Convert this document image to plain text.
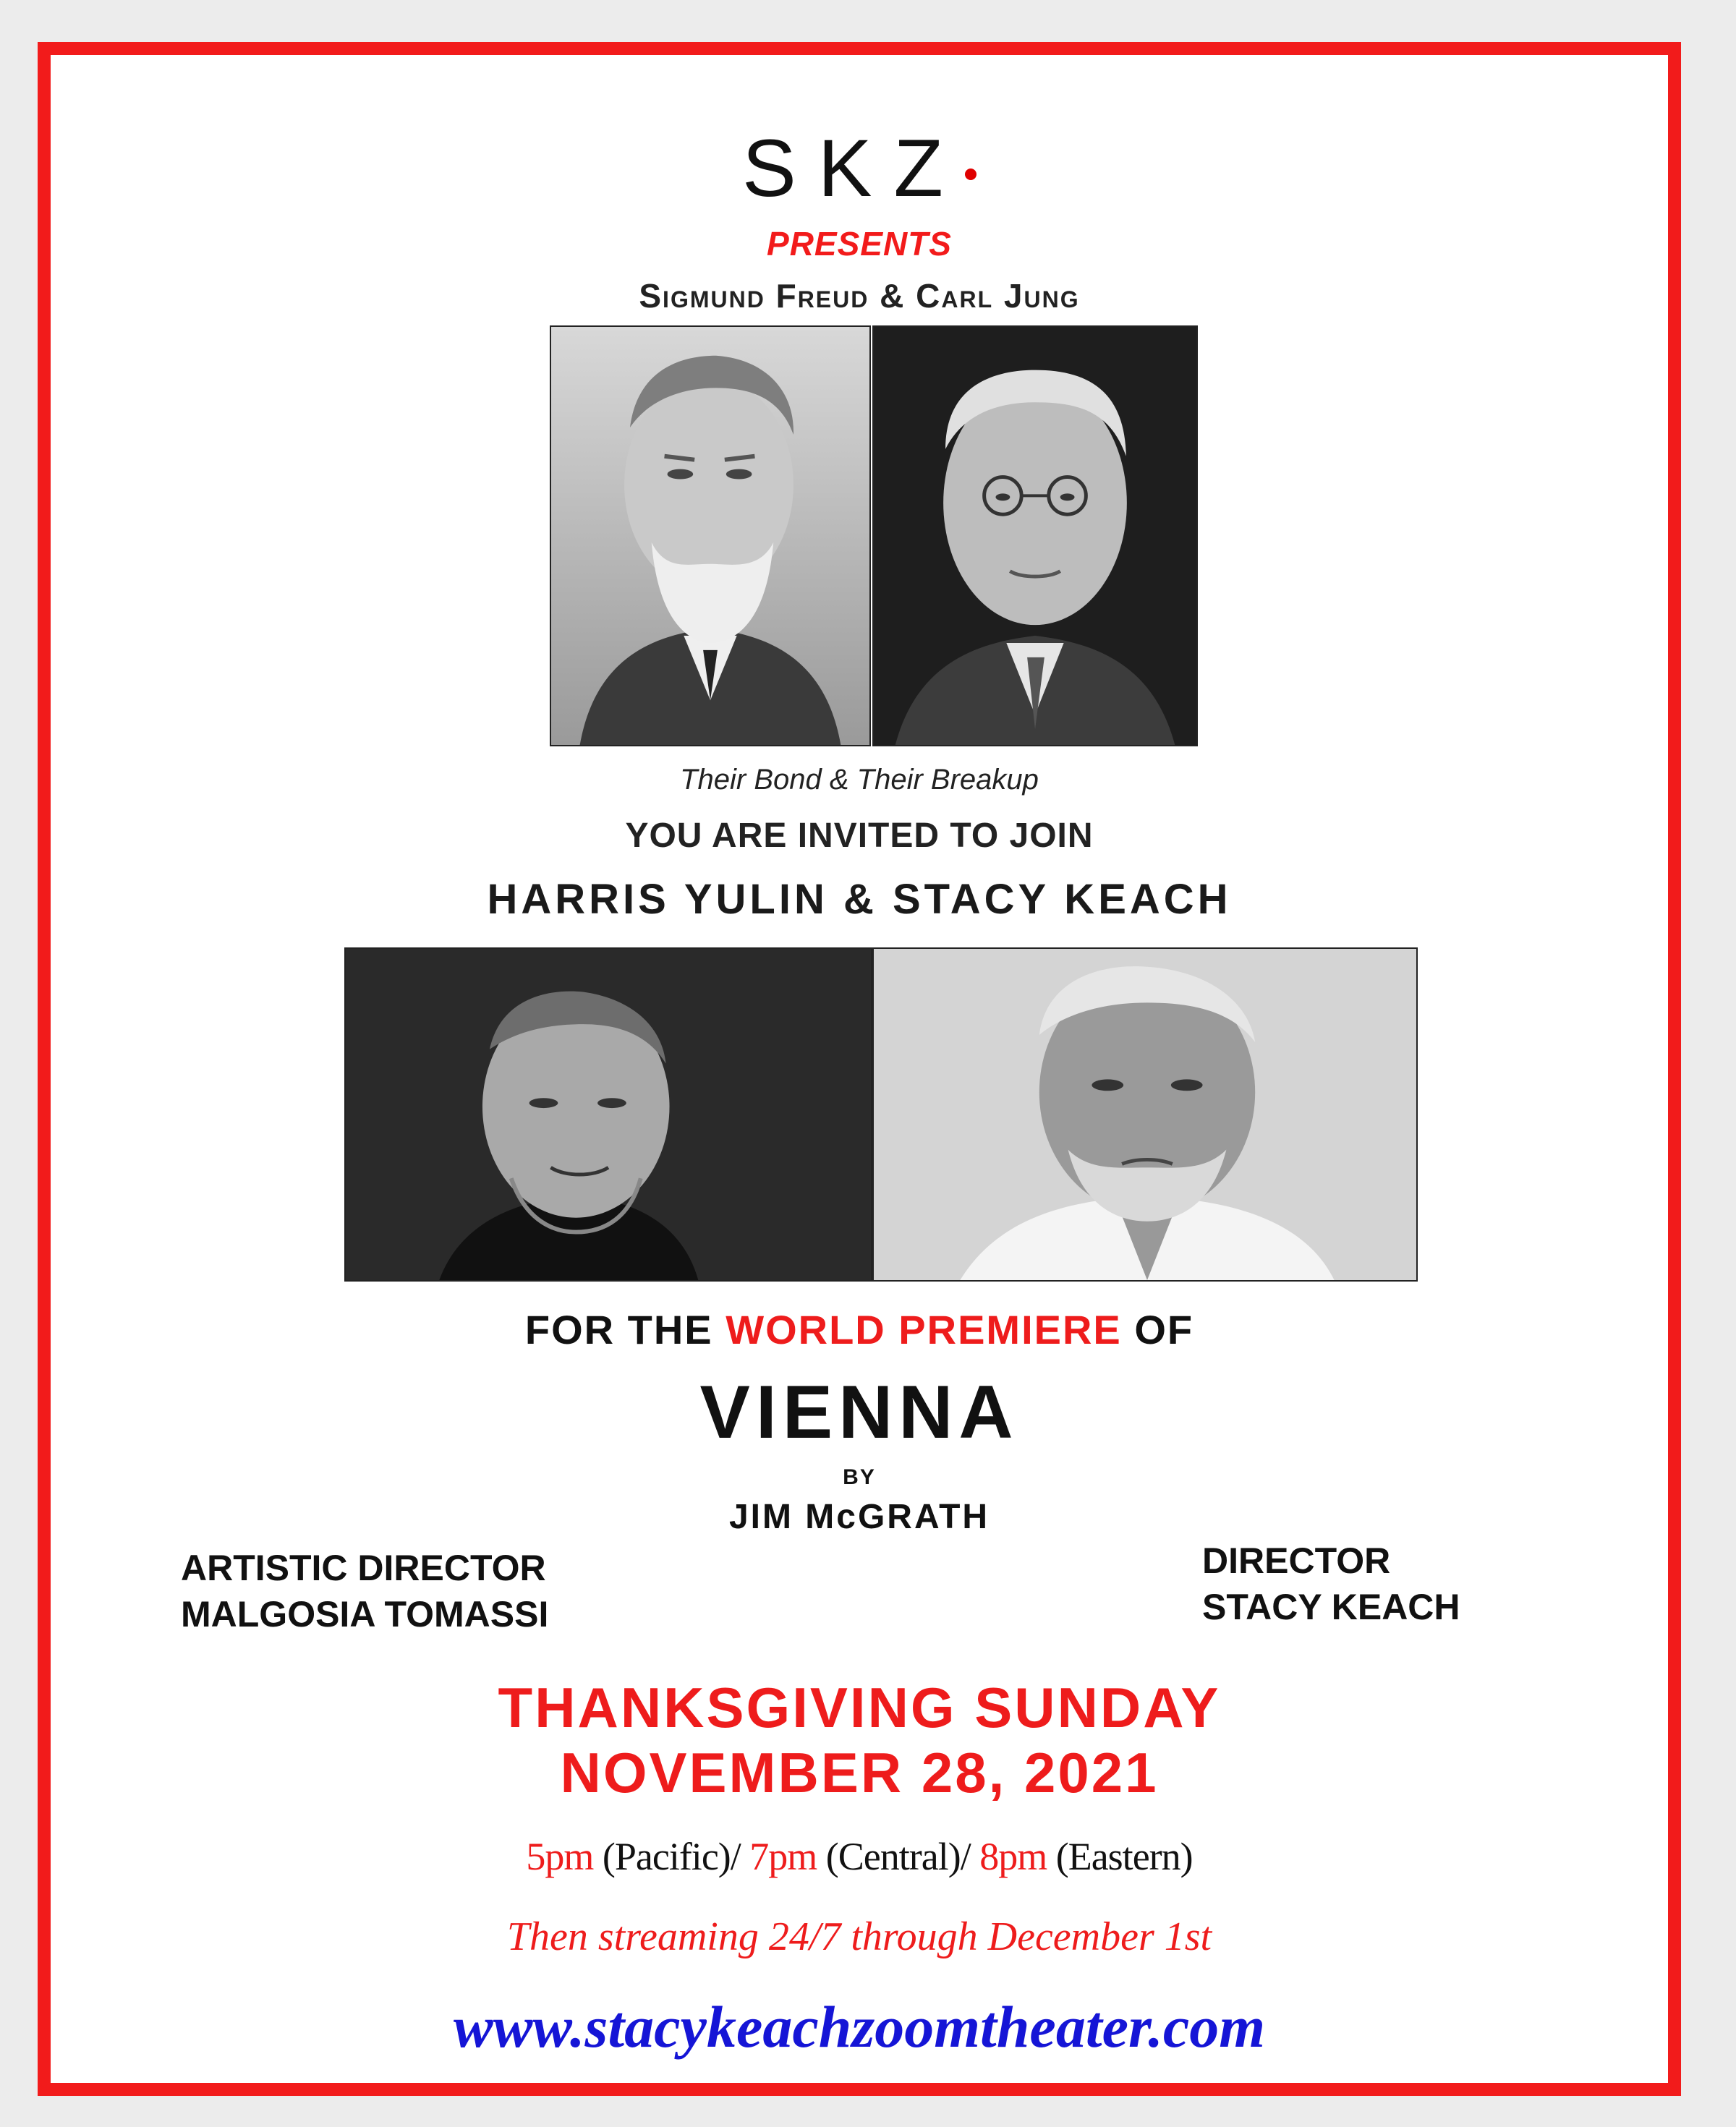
SKZ
PRESENTS
Sigmund Freud & Carl Jung
Their Bond & Their Breakup
YOU ARE INVITED TO JOIN
HARRIS YULIN & STACY KEACH
FOR THE WORLD PREMIERE OF
VIENNA
BY
JIM McGRATH
ARTISTIC DIRECTOR
MALGOSIA TOMASSI
DIRECTOR
STACY KEACH
THANKSGIVING SUNDAY
NOVEMBER 28, 2021
5pm (Pacific)/ 7pm (Central)/ 8pm (Eastern)
Then streaming 24/7 through December 1st
www.stacykeachzoomtheater.com
